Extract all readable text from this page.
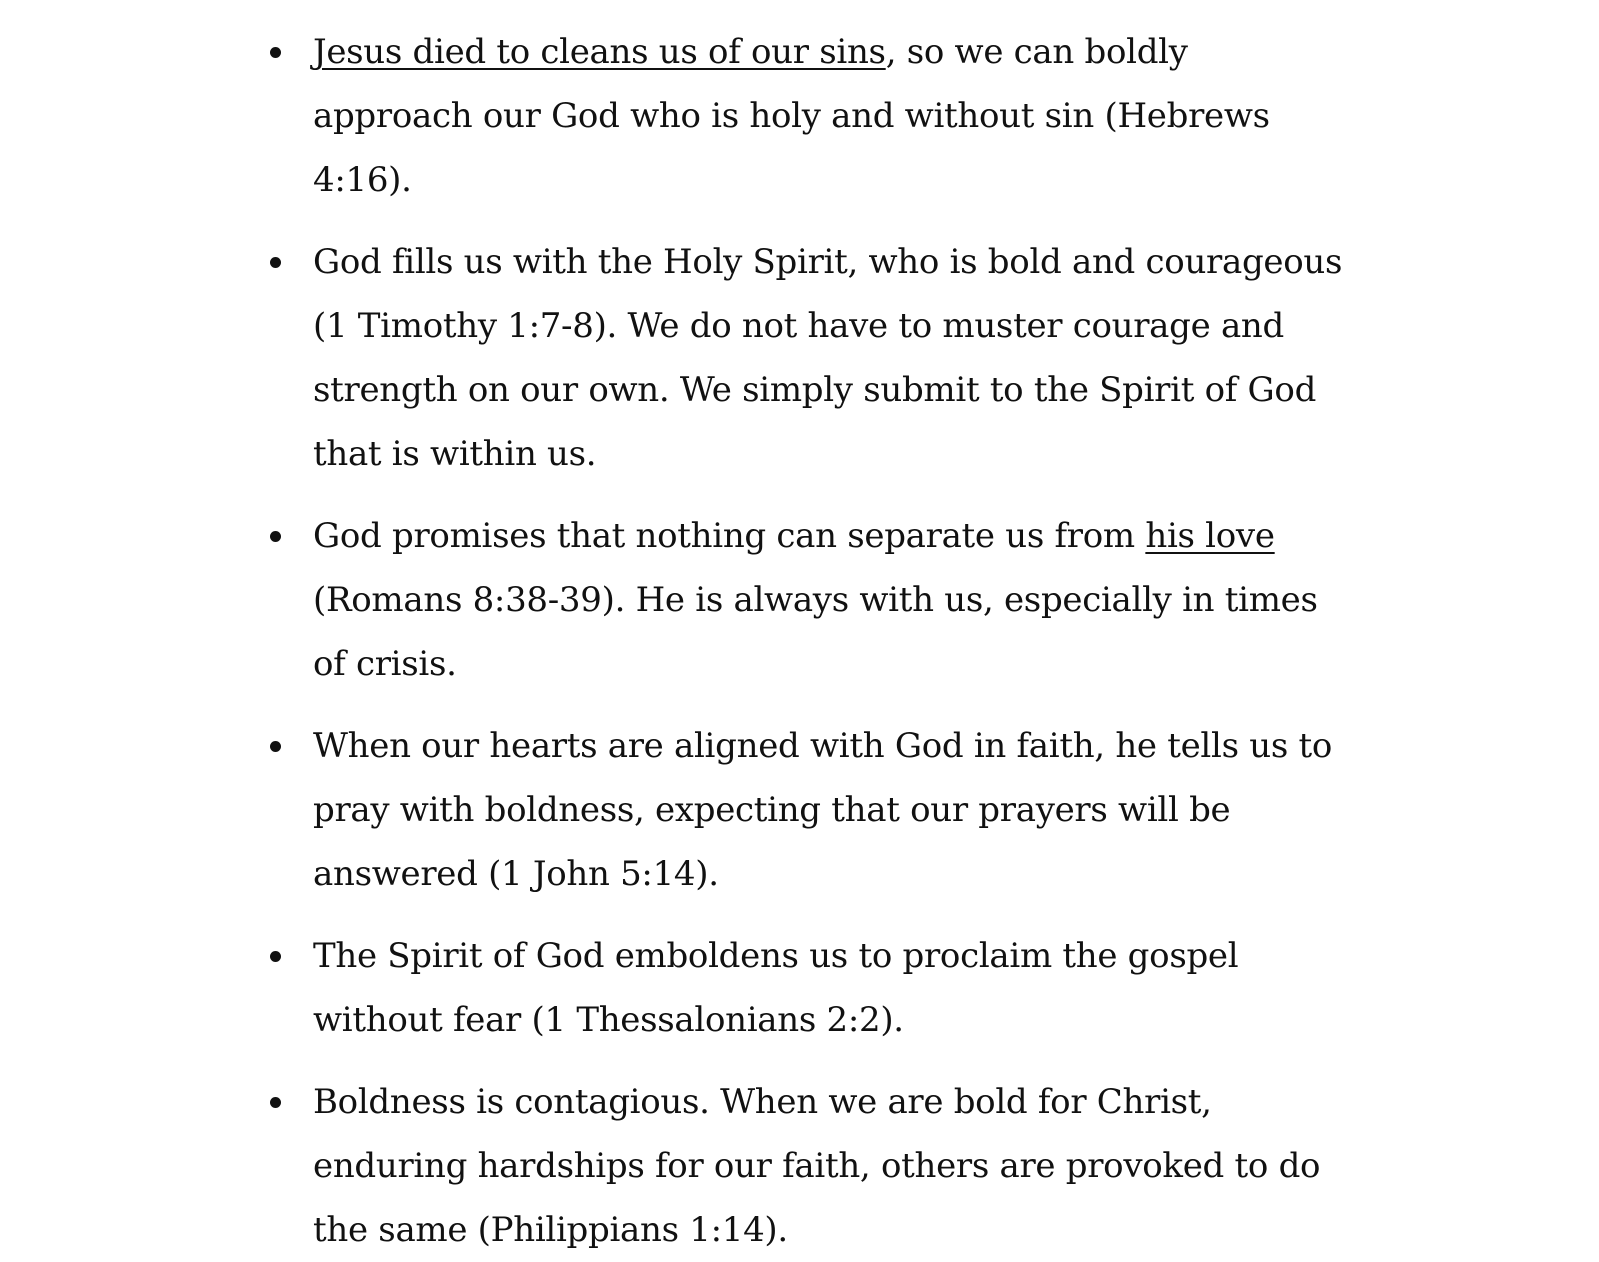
Jesus died to cleans us of our sins, so we can boldly approach our God who is holy and without sin (Hebrews 4:16).
God fills us with the Holy Spirit, who is bold and courageous (1 Timothy 1:7-8). We do not have to muster courage and strength on our own. We simply submit to the Spirit of God that is within us.
God promises that nothing can separate us from his love (Romans 8:38-39). He is always with us, especially in times of crisis.
When our hearts are aligned with God in faith, he tells us to pray with boldness, expecting that our prayers will be answered (1 John 5:14).
The Spirit of God emboldens us to proclaim the gospel without fear (1 Thessalonians 2:2).
Boldness is contagious. When we are bold for Christ, enduring hardships for our faith, others are provoked to do the same (Philippians 1:14).
